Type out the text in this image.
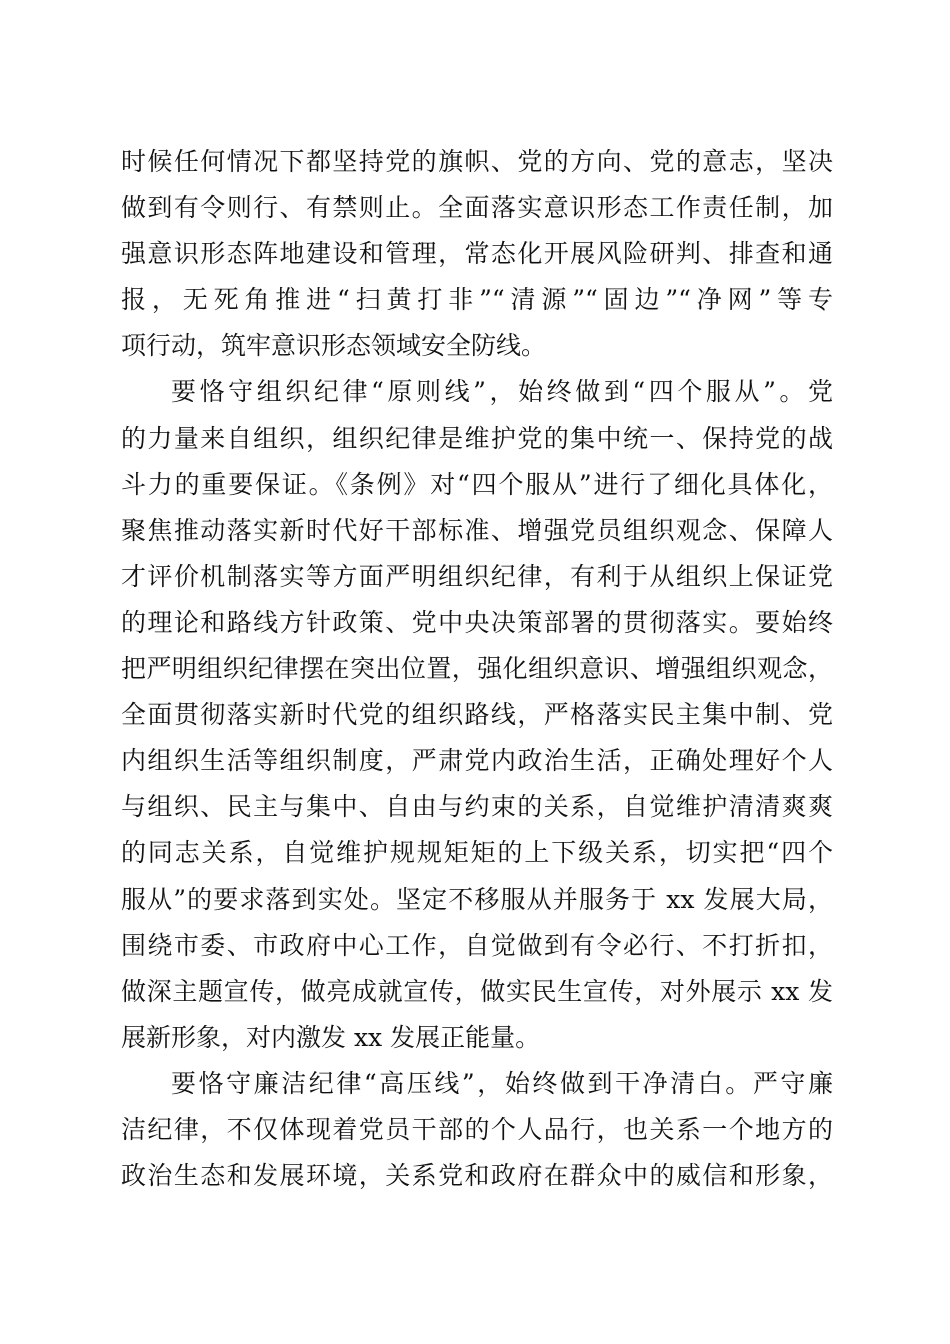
时候任何情况下都坚持党的旗帜、党的方向、党的意志，坚决
做到有令则行、有禁则止。全面落实意识形态工作责任制，加
强意识形态阵地建设和管理，常态化开展风险研判、排查和通
报，无死角推进“扫黄打非”“清源”“固边”“净网”等专
项行动，筑牢意识形态领域安全防线。
要恪守组织纪律“原则线”，始终做到“四个服从”。党
的力量来自组织，组织纪律是维护党的集中统一、保持党的战
斗力的重要保证。《条例》对“四个服从”进行了细化具体化，
聚焦推动落实新时代好干部标准、增强党员组织观念、保障人
才评价机制落实等方面严明组织纪律，有利于从组织上保证党
的理论和路线方针政策、党中央决策部署的贯彻落实。要始终
把严明组织纪律摆在突出位置，强化组织意识、增强组织观念，
全面贯彻落实新时代党的组织路线，严格落实民主集中制、党
内组织生活等组织制度，严肃党内政治生活，正确处理好个人
与组织、民主与集中、自由与约束的关系，自觉维护清清爽爽
的同志关系，自觉维护规规矩矩的上下级关系，切实把“四个
服从”的要求落到实处。坚定不移服从并服务于 xx 发展大局，
围绕市委、市政府中心工作，自觉做到有令必行、不打折扣，
做深主题宣传，做亮成就宣传，做实民生宣传，对外展示 xx 发
展新形象，对内激发 xx 发展正能量。
要恪守廉洁纪律“高压线”，始终做到干净清白。严守廉
洁纪律，不仅体现着党员干部的个人品行，也关系一个地方的
政治生态和发展环境，关系党和政府在群众中的威信和形象，
